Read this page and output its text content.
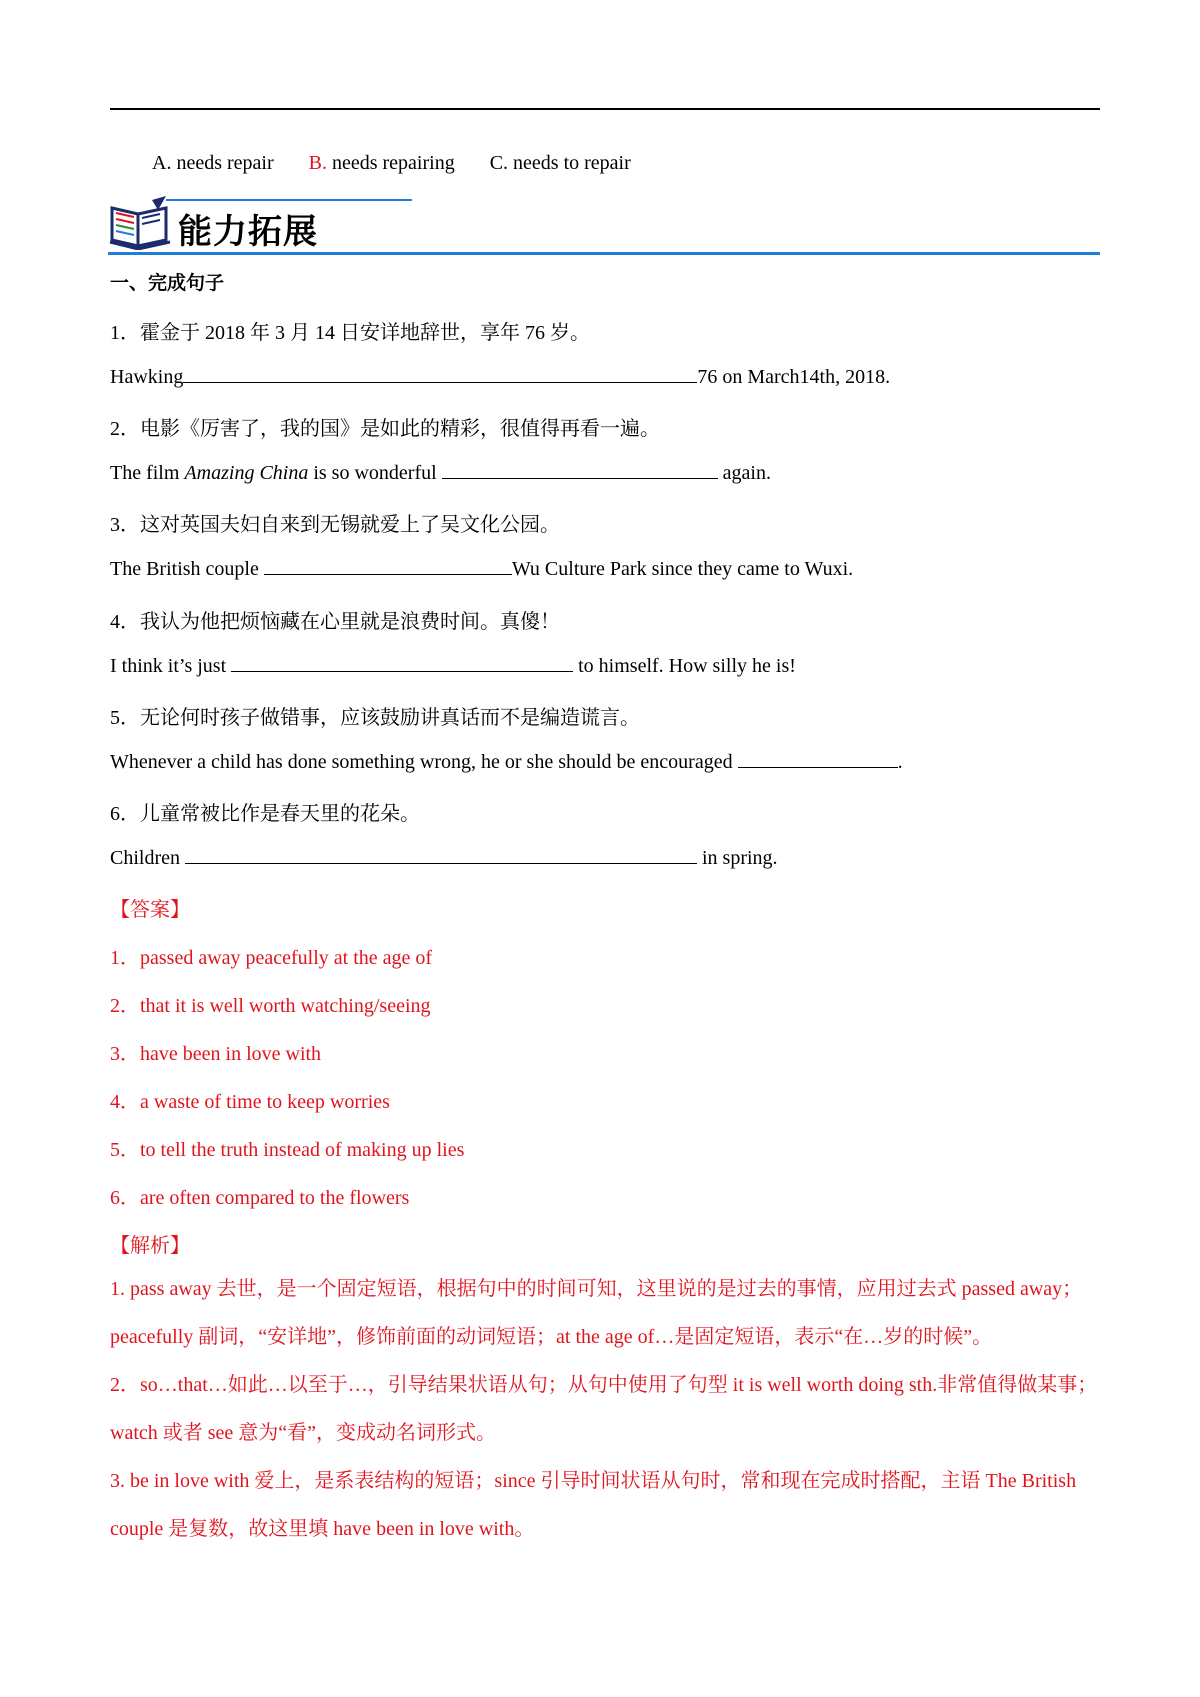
A. needs repair B. needs repairing C. needs to repair
能力拓展
一、完成句子
1．霍金于 2018 年 3 月 14 日安详地辞世，享年 76 岁。
Hawking	76 on March14th, 2018.
2．电影《厉害了，我的国》是如此的精彩，很值得再看一遍。
The film Amazing China is so wonderful	again.
3．这对英国夫妇自来到无锡就爱上了吴文化公园。
The British couple	Wu Culture Park since they came to Wuxi.
4．我认为他把烦恼藏在心里就是浪费时间。真傻！
I think it’s just	to himself. How silly he is!
5．无论何时孩子做错事，应该鼓励讲真话而不是编造谎言。
Whenever a child has done something wrong, he or she should be encouraged	.
6．儿童常被比作是春天里的花朵。
Children	in spring.
【答案】
1．passed away peacefully at the age of
2．that it is well worth watching/seeing
3．have been in love with
4．a waste of time to keep worries
5．to tell the truth instead of making up lies
6．are often compared to the flowers
【解析】
1. pass away 去世，是一个固定短语，根据句中的时间可知，这里说的是过去的事情，应用过去式 passed away；peacefully 副词，“安详地”，修饰前面的动词短语；at the age of…是固定短语，表示“在…岁的时候”。
2．so…that…如此…以至于…，引导结果状语从句；从句中使用了句型 it is well worth doing sth.非常值得做某事；watch 或者 see 意为“看”，变成动名词形式。
3. be in love with 爱上，是系表结构的短语；since 引导时间状语从句时，常和现在完成时搭配，主语 The British couple 是复数，故这里填 have been in love with。
